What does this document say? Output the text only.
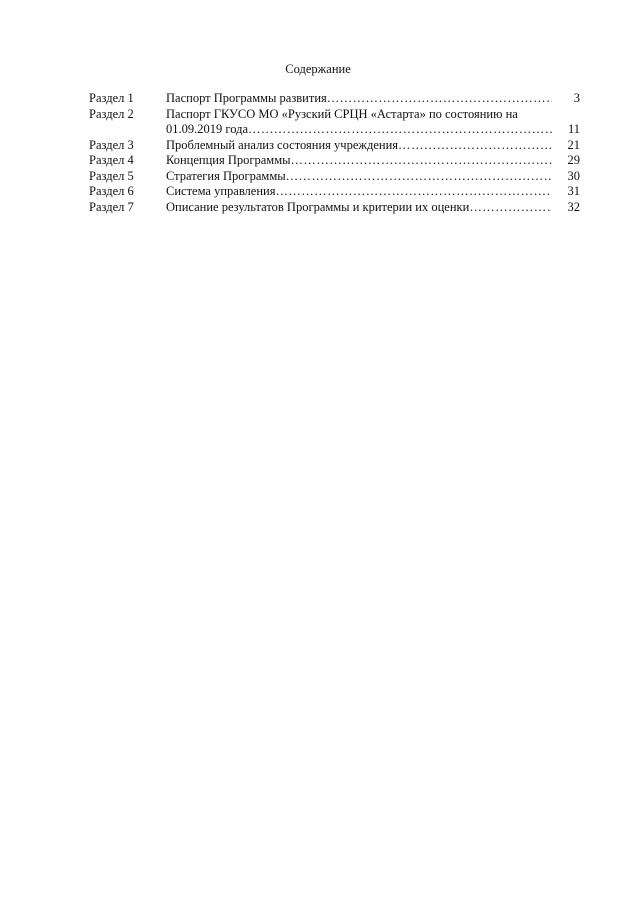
Содержание
Раздел 1	Паспорт Программы развития ……………………………………………………………………………………………………………………………………………	3
Раздел 2	Паспорт ГКУСО МО «Рузский СРЦН «Астарта» по состоянию на
01.09.2019 года ……………………………………………………………………………………………………………………………………………	11
Раздел 3	Проблемный анализ состояния учреждения ……………………………………………………………………………………………………………………………………………	21
Раздел 4	Концепция Программы ……………………………………………………………………………………………………………………………………………	29
Раздел 5	Стратегия Программы ……………………………………………………………………………………………………………………………………………	30
Раздел 6	Система управления ……………………………………………………………………………………………………………………………………………	31
Раздел 7	Описание результатов Программы и критерии их оценки ……………………………………………………………………………………………………………………………………………	32
